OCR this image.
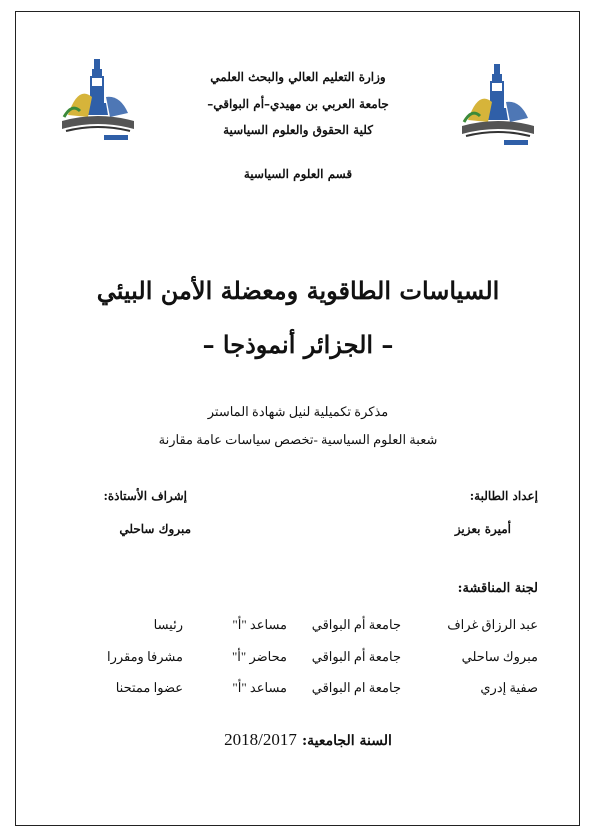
وزارة التعليم العالي والبحث العلمي
جامعة العربي بن مهيدي–أم البواقي–
كلية الحقوق والعلوم السياسية
قسم العلوم السياسية
السياسات الطاقوية ومعضلة الأمن البيئي
– الجزائر أنموذجا –
مذكرة تكميلية لنيل شهادة الماستر
شعبة العلوم السياسية -تخصص سياسات عامة مقارنة
إعداد الطالبة:
أميرة بعزيز
إشراف الأستاذة:
مبروك ساحلي
لجنة المناقشة:
عبد الرزاق غراف
جامعة أم البواقي
مساعد "أ"
رئيسا
مبروك ساحلي
جامعة أم البواقي
محاضر "أ"
مشرفا ومقررا
صفية إدري
جامعة ام البواقي
مساعد "أ"
عضوا ممتحنا
السنة الجامعية: 2018/2017
